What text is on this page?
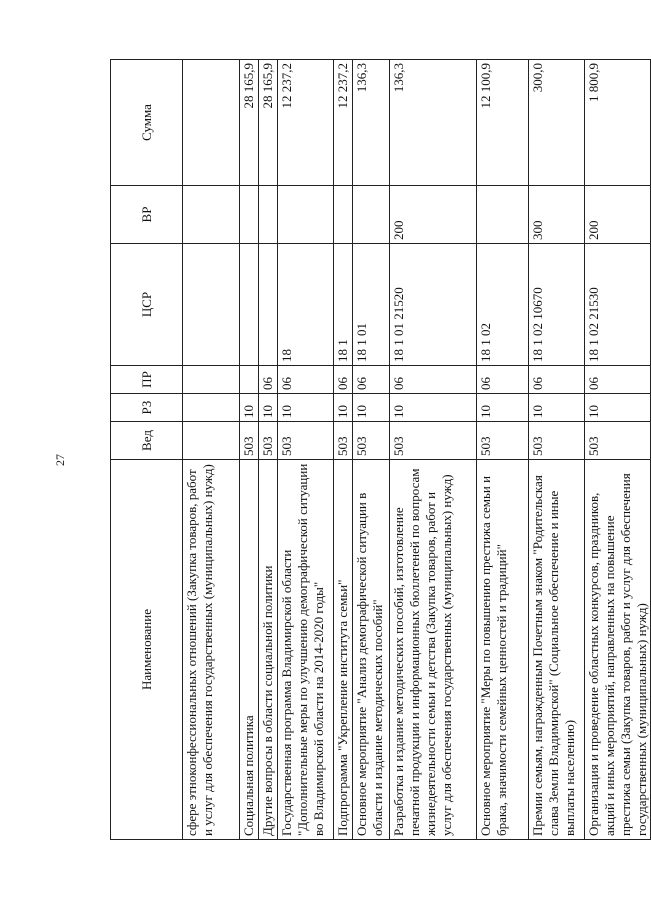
27
Наименование	Вед	РЗ	ПР	ЦСР	ВР	Сумма
сфере этноконфессиональных отношений (Закупка товаров, работ и услуг для обеспечения государственных (муниципальных) нужд)						
Социальная политика	503	10				28 165,9
Другие вопросы в области социальной политики	503	10	06			28 165,9
Государственная программа Владимирской области "Дополнительные меры по улучшению демографической ситуации во Владимирской области на 2014-2020 годы"	503	10	06	18		12 237,2
Подпрограмма "Укрепление института семьи"	503	10	06	18 1		12 237,2
Основное мероприятие "Анализ демографической ситуации в области и издание методических пособий"	503	10	06	18 1 01		136,3
Разработка и издание методических пособий, изготовление печатной продукции и информационных бюллетеней по вопросам жизнедеятельности семьи и детства (Закупка товаров, работ и услуг для обеспечения государственных (муниципальных) нужд)	503	10	06	18 1 01 21520	200	136,3
Основное мероприятие "Меры по повышению престижа семьи и брака, значимости семейных ценностей и традиций"	503	10	06	18 1 02		12 100,9
Премии семьям, награжденным Почетным знаком "Родительская слава Земли Владимирской" (Социальное обеспечение и иные выплаты населению)	503	10	06	18 1 02 10670	300	300,0
Организация и проведение областных конкурсов, праздников, акций и иных мероприятий, направленных на повышение престижа семьи (Закупка товаров, работ и услуг для обеспечения государственных (муниципальных) нужд)	503	10	06	18 1 02 21530	200	1 800,9
